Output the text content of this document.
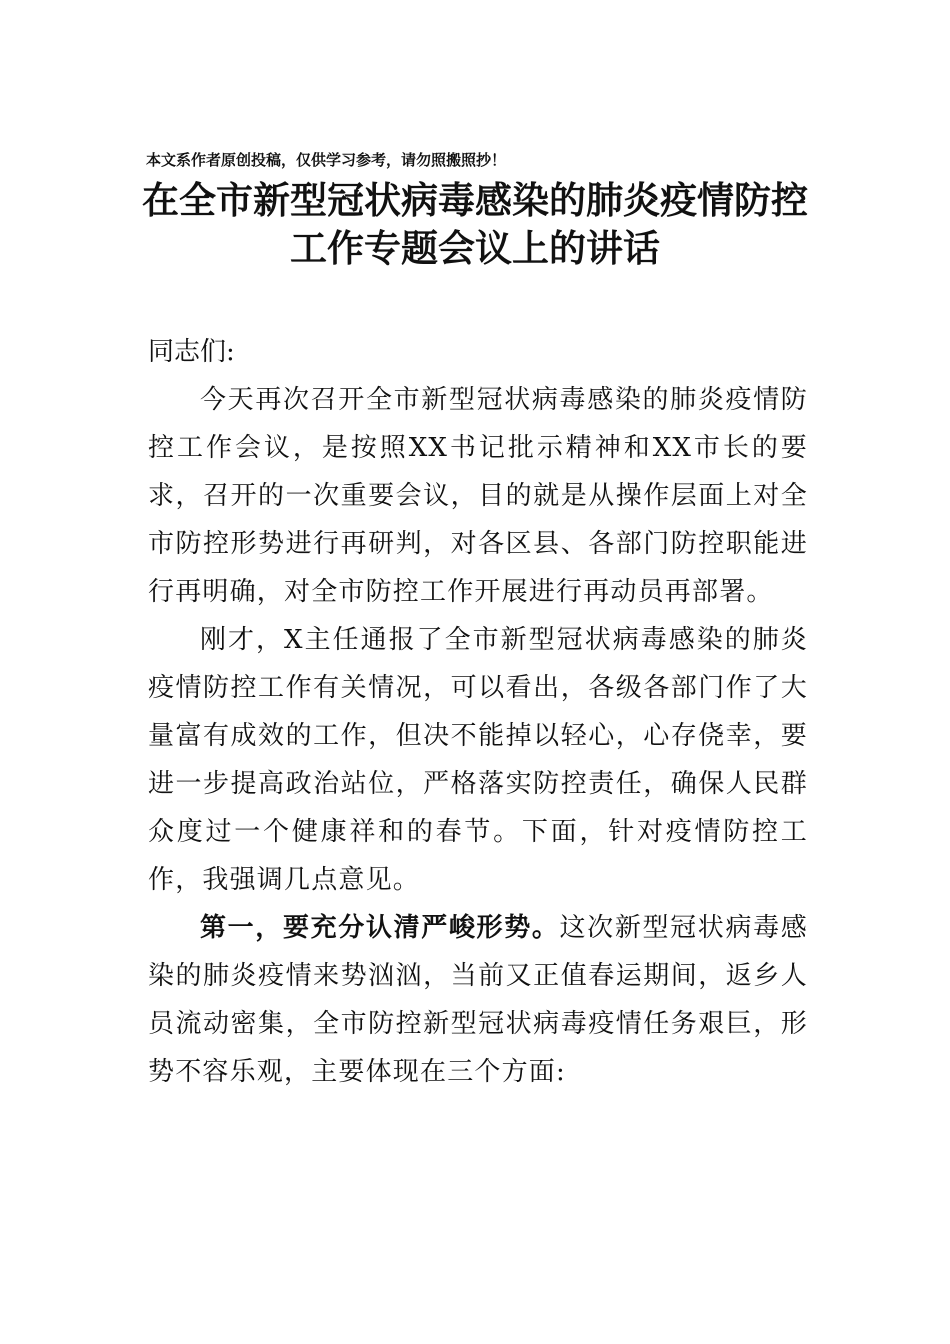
本文系作者原创投稿，仅供学习参考，请勿照搬照抄！
在全市新型冠状病毒感染的肺炎疫情防控
工作专题会议上的讲话
同志们:

今天再次召开全市新型冠状病毒感染的肺炎疫情防控工作会议，是按照XX书记批示精神和XX市长的要求，召开的一次重要会议，目的就是从操作层面上对全市防控形势进行再研判，对各区县、各部门防控职能进行再明确，对全市防控工作开展进行再动员再部署。

刚才，X主任通报了全市新型冠状病毒感染的肺炎疫情防控工作有关情况，可以看出，各级各部门作了大量富有成效的工作，但决不能掉以轻心，心存侥幸，要进一步提高政治站位，严格落实防控责任，确保人民群众度过一个健康祥和的春节。下面，针对疫情防控工作，我强调几点意见。

第一，要充分认清严峻形势。这次新型冠状病毒感染的肺炎疫情来势汹汹，当前又正值春运期间，返乡人员流动密集，全市防控新型冠状病毒疫情任务艰巨，形势不容乐观，主要体现在三个方面:
